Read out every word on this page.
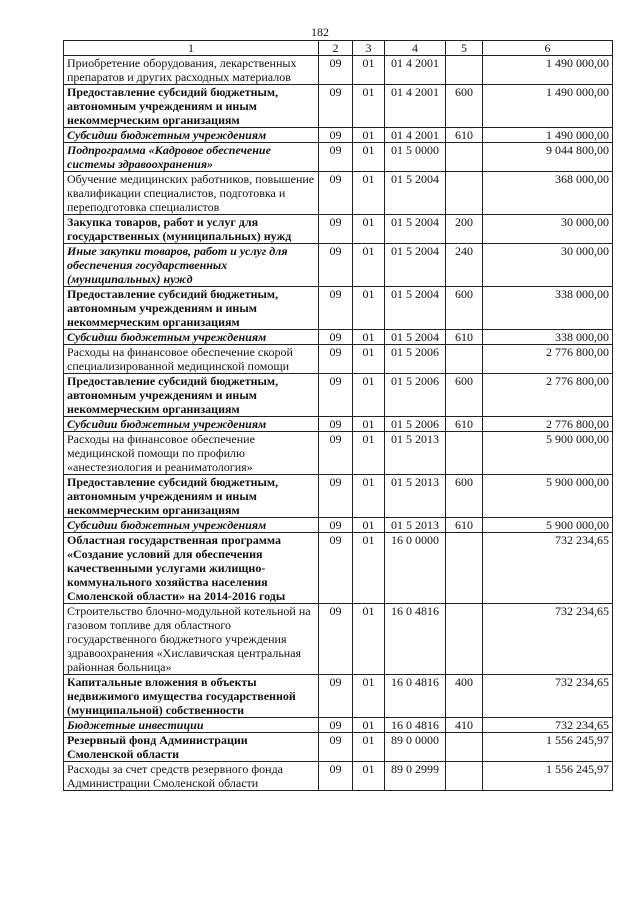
182
1	2	3	4	5	6
Приобретение оборудования, лекарственных препаратов и других расходных материалов	09	01	01 4 2001		1 490 000,00
Предоставление субсидий бюджетным, автономным учреждениям и иным некоммерческим организациям	09	01	01 4 2001	600	1 490 000,00
Субсидии бюджетным учреждениям	09	01	01 4 2001	610	1 490 000,00
Подпрограмма «Кадровое обеспечение системы здравоохранения»	09	01	01 5 0000		9 044 800,00
Обучение медицинских работников, повышение квалификации специалистов, подготовка и переподготовка специалистов	09	01	01 5 2004		368 000,00
Закупка товаров, работ и услуг для государственных (муниципальных) нужд	09	01	01 5 2004	200	30 000,00
Иные закупки товаров, работ и услуг для обеспечения государственных (муниципальных) нужд	09	01	01 5 2004	240	30 000,00
Предоставление субсидий бюджетным, автономным учреждениям и иным некоммерческим организациям	09	01	01 5 2004	600	338 000,00
Субсидии бюджетным учреждениям	09	01	01 5 2004	610	338 000,00
Расходы на финансовое обеспечение скорой специализированной медицинской помощи	09	01	01 5 2006		2 776 800,00
Предоставление субсидий бюджетным, автономным учреждениям и иным некоммерческим организациям	09	01	01 5 2006	600	2 776 800,00
Субсидии бюджетным учреждениям	09	01	01 5 2006	610	2 776 800,00
Расходы на финансовое обеспечение медицинской помощи по профилю «анестезиология и реаниматология»	09	01	01 5 2013		5 900 000,00
Предоставление субсидий бюджетным, автономным учреждениям и иным некоммерческим организациям	09	01	01 5 2013	600	5 900 000,00
Субсидии бюджетным учреждениям	09	01	01 5 2013	610	5 900 000,00
Областная государственная программа «Создание условий для обеспечения качественными услугами жилищно-коммунального хозяйства населения Смоленской области» на 2014-2016 годы	09	01	16 0 0000		732 234,65
Строительство блочно-модульной котельной на газовом топливе для областного государственного бюджетного учреждения здравоохранения «Хиславичская центральная районная больница»	09	01	16 0 4816		732 234,65
Капитальные вложения в объекты недвижимого имущества государственной (муниципальной) собственности	09	01	16 0 4816	400	732 234,65
Бюджетные инвестиции	09	01	16 0 4816	410	732 234,65
Резервный фонд Администрации Смоленской области	09	01	89 0 0000		1 556 245,97
Расходы за счет средств резервного фонда Администрации Смоленской области	09	01	89 0 2999		1 556 245,97
